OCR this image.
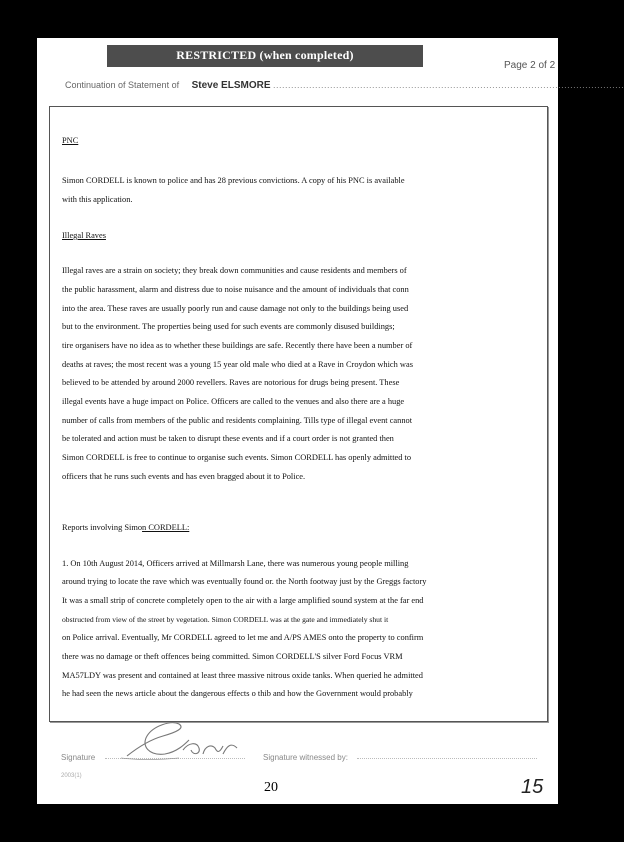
RESTRICTED (when completed)
Page 2 of 2
Continuation of Statement of Steve ELSMORE .....................................................................................................................
PNC
Simon CORDELL is known to police and has 28 previous convictions. A copy of his PNC is available
with this application.
Illegal Raves
Illegal raves are a strain on society; they break down communities and cause residents and members of
the public harassment, alarm and distress due to noise nuisance and the amount of individuals that conn
into the area. These raves are usually poorly run and cause damage not only to the buildings being used
but to the environment. The properties being used for such events are commonly disused buildings;
tire organisers have no idea as to whether these buildings are safe. Recently there have been a number of
deaths at raves; the most recent was a young 15 year old male who died at a Rave in Croydon which was
believed to be attended by around 2000 revellers. Raves are notorious for drugs being present. These
illegal events have a huge impact on Police. Officers are called to the venues and also there are a huge
number of calls from members of the public and residents complaining. Tills type of illegal event cannot
be tolerated and action must be taken to disrupt these events and if a court order is not granted then
Simon CORDELL is free to continue to organise such events. Simon CORDELL has openly admitted to
officers that he runs such events and has even bragged about it to Police.
Reports involving Simon CORDELL:
1. On 10th August 2014, Officers arrived at Millmarsh Lane, there was numerous young people milling
around trying to locate the rave which was eventually found or. the North footway just by the Greggs factory
It was a small strip of concrete completely open to the air with a large amplified sound system at the far end
obstructed from view of the street by vegetation. Simon CORDELL was at the gate and immediately shut it
on Police arrival. Eventually, Mr CORDELL agreed to let me and A/PS AMES onto the property to confirm
there was no damage or theft offences being committed. Simon CORDELL'S silver Ford Focus VRM
MA57LDY was present and contained at least three massive nitrous oxide tanks. When queried he admitted
he had seen the news article about the dangerous effects o thib and how the Government would probably
Signature	Signature witnessed by:
2003(1)
20	15
